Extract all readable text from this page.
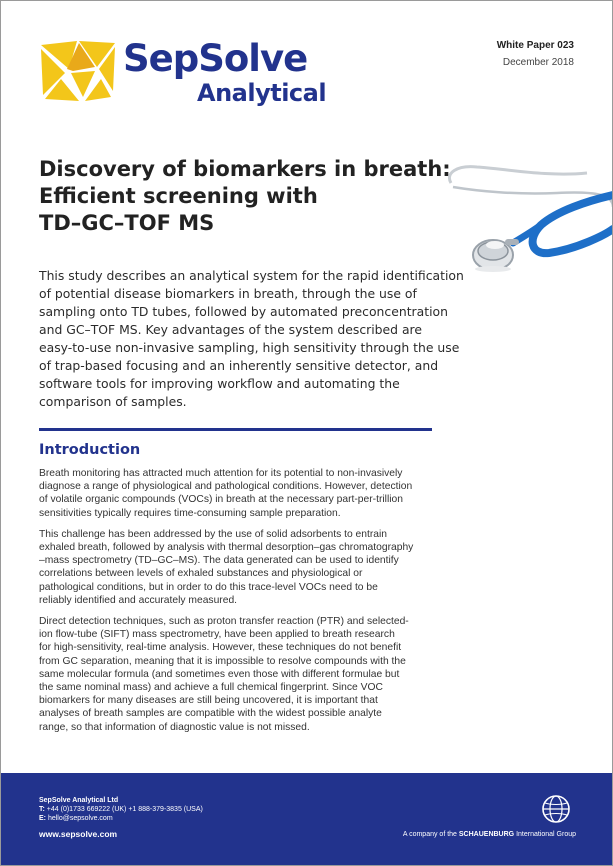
SepSolve
Analytical
White Paper 023
December 2018
Discovery of biomarkers in breath:
Efficient screening with
TD–GC–TOF MS
This study describes an analytical system for the rapid identification
of potential disease biomarkers in breath, through the use of
sampling onto TD tubes, followed by automated preconcentration
and GC–TOF MS. Key advantages of the system described are
easy-to-use non-invasive sampling, high sensitivity through the use
of trap-based focusing and an inherently sensitive detector, and
software tools for improving workflow and automating the
comparison of samples.
Introduction

Breath monitoring has attracted much attention for its potential to non-invasively
diagnose a range of physiological and pathological conditions. However, detection
of volatile organic compounds (VOCs) in breath at the necessary part-per-trillion
sensitivities typically requires time-consuming sample preparation.

This challenge has been addressed by the use of solid adsorbents to entrain
exhaled breath, followed by analysis with thermal desorption–gas chromatography
–mass spectrometry (TD–GC–MS). The data generated can be used to identify
correlations between levels of exhaled substances and physiological or
pathological conditions, but in order to do this trace-level VOCs need to be
reliably identified and accurately measured.

Direct detection techniques, such as proton transfer reaction (PTR) and selected-
ion flow-tube (SIFT) mass spectrometry, have been applied to breath research
for high-sensitivity, real-time analysis. However, these techniques do not benefit
from GC separation, meaning that it is impossible to resolve compounds with the
same molecular formula (and sometimes even those with different formulae but
the same nominal mass) and achieve a full chemical fingerprint. Since VOC
biomarkers for many diseases are still being uncovered, it is important that
analyses of breath samples are compatible with the widest possible analyte
range, so that information of diagnostic value is not missed.

SepSolve Analytical Ltd
T: +44 (0)1733 669222 (UK) +1 888-379-3835 (USA)
E: hello@sepsolve.com
www.sepsolve.com	A company of the SCHAUENBURG International Group
